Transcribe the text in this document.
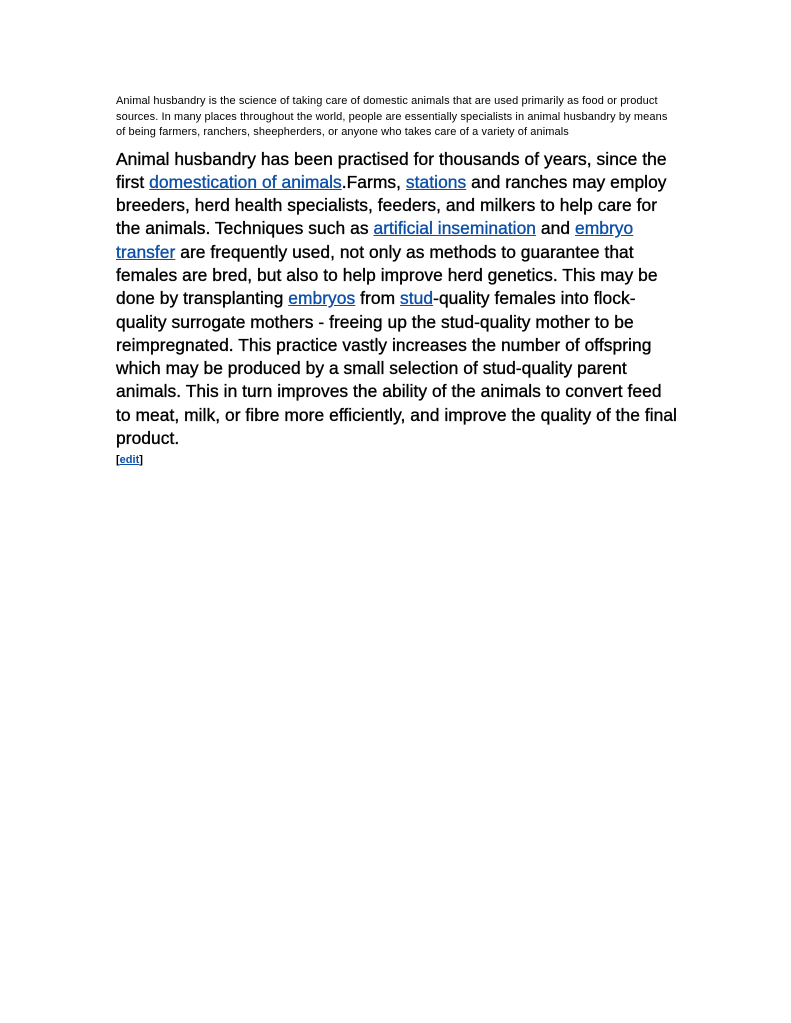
Animal husbandry is the science of taking care of domestic animals that are used primarily as food or product sources. In many places throughout the world, people are essentially specialists in animal husbandry by means of being farmers, ranchers, sheepherders, or anyone who takes care of a variety of animals

Animal husbandry has been practised for thousands of years, since the first domestication of animals.Farms, stations and ranches may employ breeders, herd health specialists, feeders, and milkers to help care for the animals. Techniques such as artificial insemination and embryo transfer are frequently used, not only as methods to guarantee that females are bred, but also to help improve herd genetics. This may be done by transplanting embryos from stud-quality females into flock-quality surrogate mothers - freeing up the stud-quality mother to be reimpregnated. This practice vastly increases the number of offspring which may be produced by a small selection of stud-quality parent animals. This in turn improves the ability of the animals to convert feed to meat, milk, or fibre more efficiently, and improve the quality of the final product.

[edit]
